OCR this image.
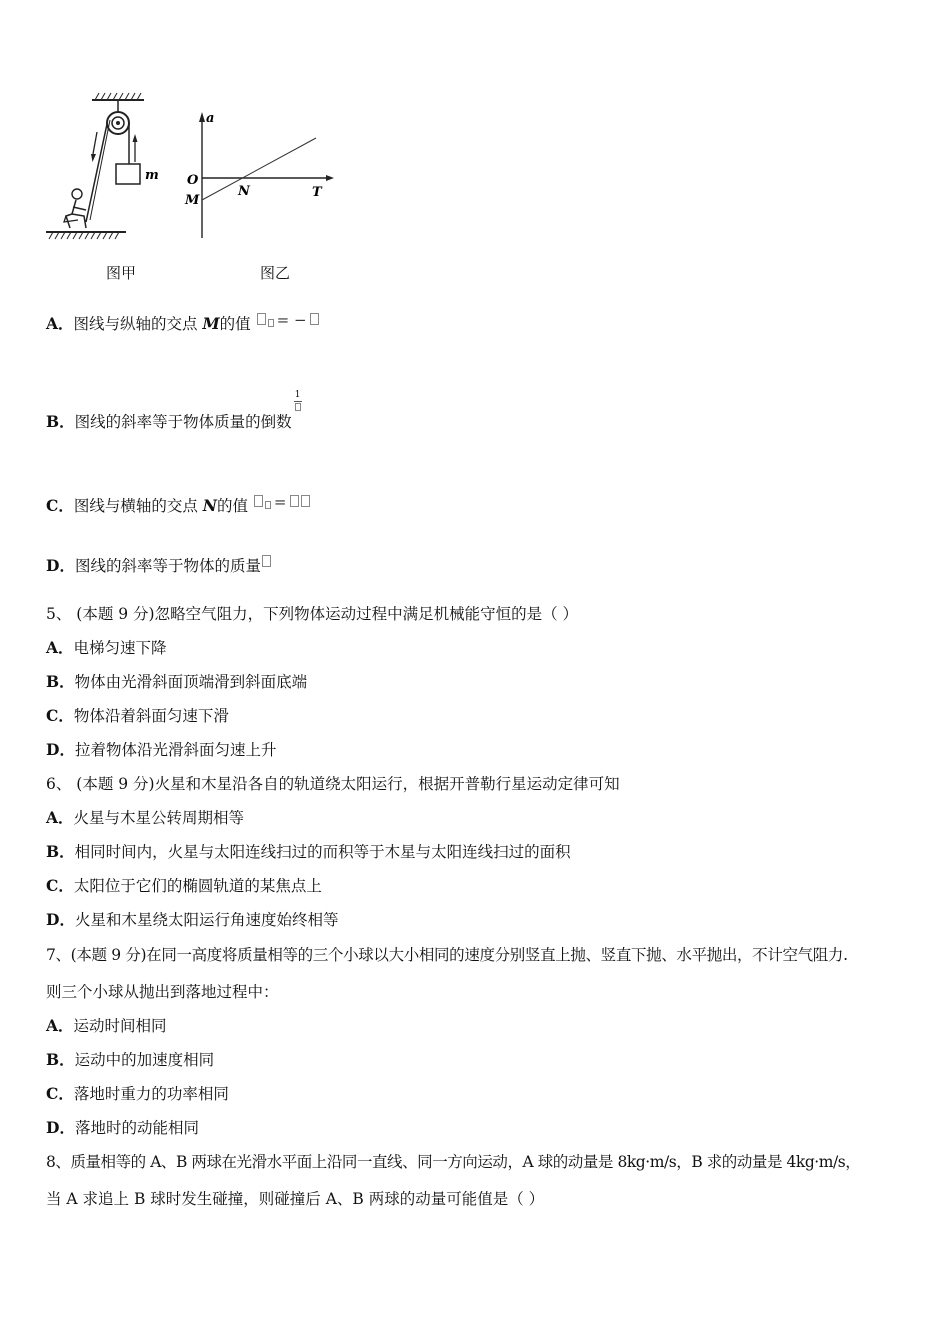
m
a
T
O
M
N
图甲	图乙
A．图线与纵轴的交点 M的值 = −
B．图线的斜率等于物体质量的倒数1
C．图线与横轴的交点 N的值 =
D．图线的斜率等于物体的质量
5、 (本题 9 分)忽略空气阻力，下列物体运动过程中满足机械能守恒的是（ ）
A．电梯匀速下降
B．物体由光滑斜面顶端滑到斜面底端
C．物体沿着斜面匀速下滑
D．拉着物体沿光滑斜面匀速上升
6、 (本题 9 分)火星和木星沿各自的轨道绕太阳运行，根据开普勒行星运动定律可知
A．火星与木星公转周期相等
B．相同时间内，火星与太阳连线扫过的而积等于木星与太阳连线扫过的面积
C．太阳位于它们的椭圆轨道的某焦点上
D．火星和木星绕太阳运行角速度始终相等
7、(本题 9 分)在同一高度将质量相等的三个小球以大小相同的速度分别竖直上抛、竖直下抛、水平抛出，不计空气阻力.
则三个小球从抛出到落地过程中：
A．运动时间相同
B．运动中的加速度相同
C．落地时重力的功率相同
D．落地时的动能相同
8、质量相等的 A、B 两球在光滑水平面上沿同一直线、同一方向运动，A 球的动量是 8kg·m/s，B 求的动量是 4kg·m/s，
当 A 求追上 B 球时发生碰撞，则碰撞后 A、B 两球的动量可能值是（ ）
